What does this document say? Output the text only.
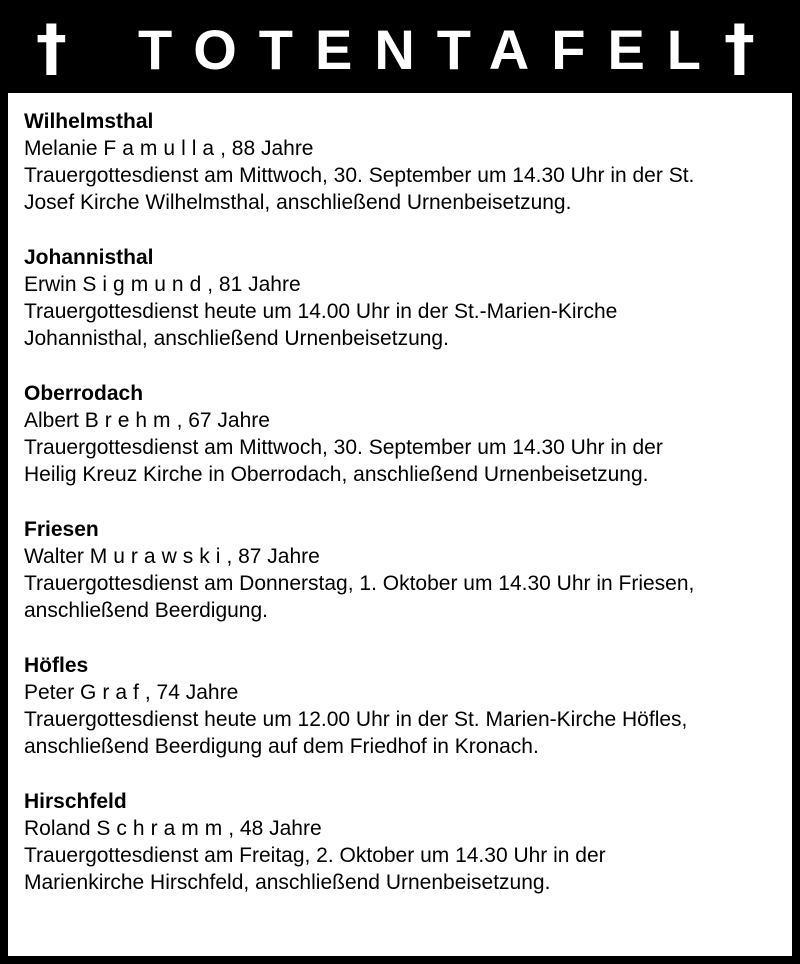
† TOTENTAFEL †
Wilhelmsthal
Melanie Famulla, 88 Jahre
Trauergottesdienst am Mittwoch, 30. September um 14.30 Uhr in der St.
Josef Kirche Wilhelmsthal, anschließend Urnenbeisetzung.
Johannisthal
Erwin Sigmund, 81 Jahre
Trauergottesdienst heute um 14.00 Uhr in der St.-Marien-Kirche
Johannisthal, anschließend Urnenbeisetzung.
Oberrodach
Albert Brehm, 67 Jahre
Trauergottesdienst am Mittwoch, 30. September um 14.30 Uhr in der
Heilig Kreuz Kirche in Oberrodach, anschließend Urnenbeisetzung.
Friesen
Walter Murawski, 87 Jahre
Trauergottesdienst am Donnerstag, 1. Oktober um 14.30 Uhr in Friesen,
anschließend Beerdigung.
Höfles
Peter Graf, 74 Jahre
Trauergottesdienst heute um 12.00 Uhr in der St. Marien-Kirche Höfles,
anschließend Beerdigung auf dem Friedhof in Kronach.
Hirschfeld
Roland Schramm, 48 Jahre
Trauergottesdienst am Freitag, 2. Oktober um 14.30 Uhr in der
Marienkirche Hirschfeld, anschließend Urnenbeisetzung.
